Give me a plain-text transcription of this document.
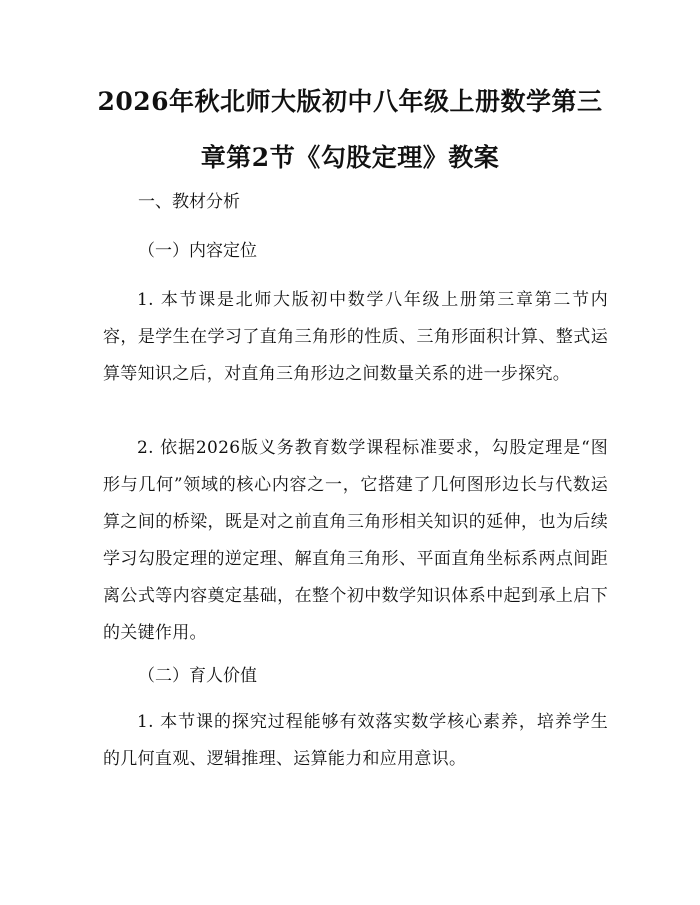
2026年秋北师大版初中八年级上册数学第三章第2节《勾股定理》教案

一、教材分析

（一）内容定位

1. 本节课是北师大版初中数学八年级上册第三章第二节内容，是学生在学习了直角三角形的性质、三角形面积计算、整式运算等知识之后，对直角三角形边之间数量关系的进一步探究。

2. 依据2026版义务教育数学课程标准要求，勾股定理是“图形与几何”领域的核心内容之一，它搭建了几何图形边长与代数运算之间的桥梁，既是对之前直角三角形相关知识的延伸，也为后续学习勾股定理的逆定理、解直角三角形、平面直角坐标系两点间距离公式等内容奠定基础，在整个初中数学知识体系中起到承上启下的关键作用。

（二）育人价值

1. 本节课的探究过程能够有效落实数学核心素养，培养学生的几何直观、逻辑推理、运算能力和应用意识。
